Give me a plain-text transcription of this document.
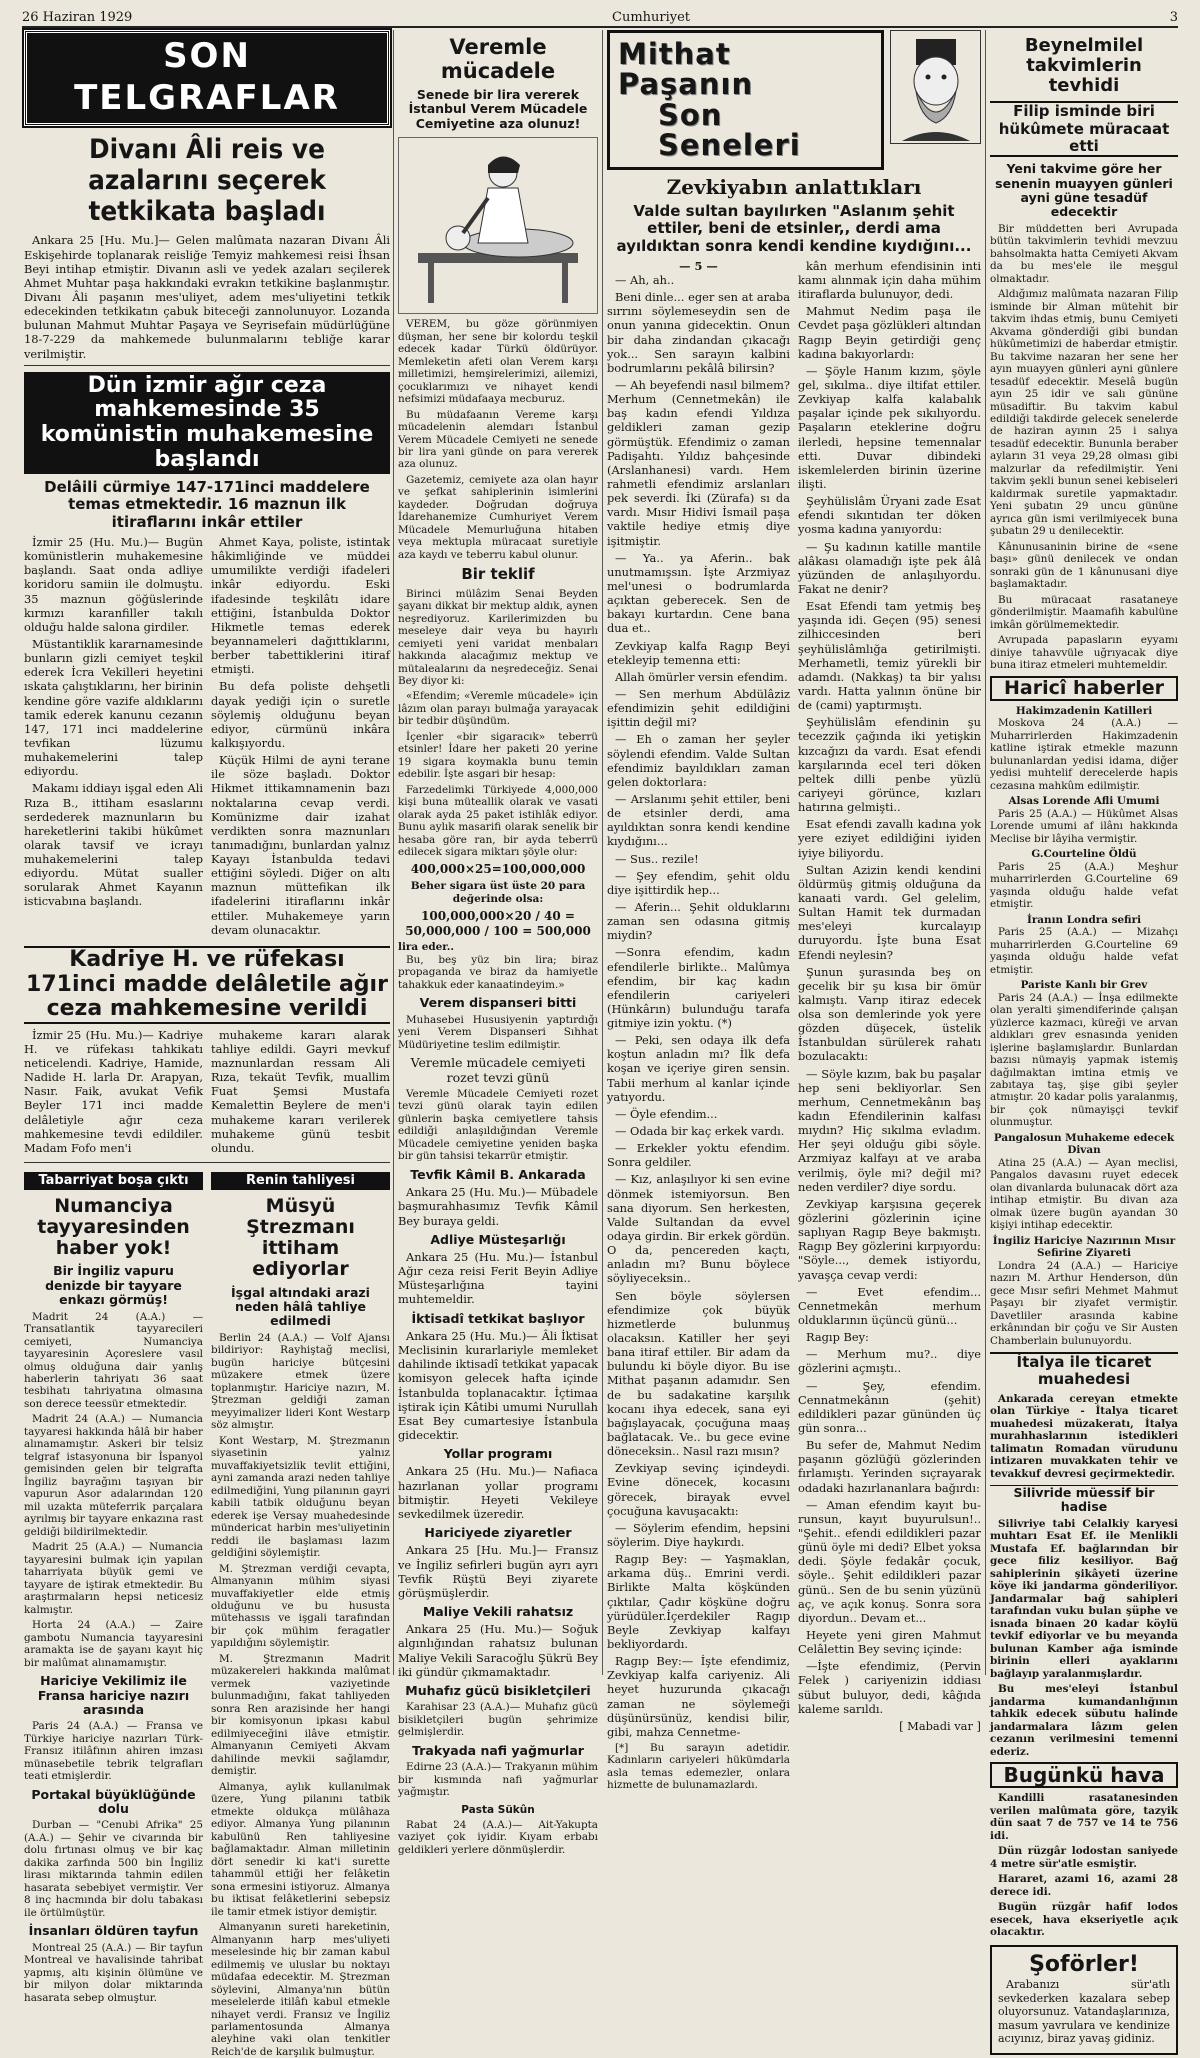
26 Haziran 1929	Cumhuriyet	3
SON TELGRAFLAR
Divanı Âli reis ve azalarını seçerek tetkikata başladı

Ankara 25 [Hu. Mu.]— Gelen malûmata nazaran Divanı Âli Eskişehirde toplanarak reisliğe Temyiz mahkemesi reisi İhsan Beyi intihap etmiştir. Divanın asli ve yedek azaları seçilerek Ahmet Muhtar paşa hakkındaki evrakın tetkikine başlanmıştır. Divanı Âli paşanın mes'uliyet, adem mes'uliyetini tetkik edecekinden tetkikatın çabuk biteceği zannolunuyor. Lozanda bulunan Mahmut Muhtar Paşaya ve Seyrisefain müdürlüğüne 18-7-229 da mahkemede bulunmalarını tebliğe karar verilmiştir.

Dün izmir ağır ceza mahkemesinde 35 komünistin muhakemesine başlandı
Delâili cürmiye 147-171inci maddelere temas etmektedir. 16 maznun ilk itiraflarını inkâr ettiler

İzmir 25 (Hu. Mu.)— Bugün komünistlerin muhakemesine başlandı. Saat onda adliye koridoru samiin ile dolmuştu. 35 maznun göğüslerinde kırmızı karanfiller takılı olduğu halde salona girdiler.

Müstantiklik kararnamesinde bunların gizli cemiyet teşkil ederek İcra Vekilleri heyetini ıskata çalıştıklarını, her birinin kendine göre vazife aldıklarını tamik ederek kanunu cezanın 147, 171 inci maddelerine tevfikan lüzumu muhakemelerini talep ediyordu.

Makamı iddiayı işgal eden Ali Rıza B., ittiham esaslarını serdederek maznunların bu hareketlerini takibi hükûmet olarak tavsif ve icrayı muhakemelerini talep ediyordu. Mütat sualler sorularak Ahmet Kayanın isticvabına başlandı.

Ahmet Kaya, poliste, istintak hâkimliğinde ve müddei umumilikte verdiği ifadeleri inkâr ediyordu. Eski ifadesinde teşkilâtı idare ettiğini, İstanbulda Doktor Hikmetle temas ederek beyannameleri dağıttıklarını, berber tabettiklerini itiraf etmişti.

Bu defa poliste dehşetli dayak yediği için o suretle söylemiş olduğunu beyan ediyor, cürmünü inkâra kalkışıyordu.

Küçük Hilmi de ayni terane ile söze başladı. Doktor Hikmet ittikamnamenin bazı noktalarına cevap verdi. Komünizme dair izahat verdikten sonra maznunları tanımadığını, bunlardan yalnız Kayayı İstanbulda tedavi ettiğini söyledi. Diğer on altı maznun müttefikan ilk ifadelerini itiraflarını inkâr ettiler. Muhakemeye yarın devam olunacaktır.

Kadriye H. ve rüfekası 171inci madde delâletile ağır ceza mahkemesine verildi

İzmir 25 (Hu. Mu.)— Kadriye H. ve rüfekası tahkikatı neticelendi. Kadriye, Hamide, Nadide H. larla Dr. Arapyan, Nasır. Faik, avukat Vefik Beyler 171 inci madde delâletiyle ağır ceza mahkemesine tevdi edildiler. Madam Fofo men'i

muhakeme kararı alarak tahliye edildi. Gayri mevkuf maznunlardan ressam Ali Rıza, tekaüt Tevfik, muallim Fuat Şemsi Mustafa Kemalettin Beylere de men'i muhakeme kararı verilerek muhakeme günü tesbit olundu.

Tabarriyat boşa çıktı
Numanciya tayyaresinden haber yok!
Bir İngiliz vapuru denizde bir tayyare enkazı görmüş!

Madrit 24 (A.A.) — Transatlantik tayyarecileri cemiyeti, Numanciya tayyaresinin Açoreslere vasıl olmuş olduğuna dair yanlış haberlerin tahriyatı 36 saat tesbihatı tahriyatına olmasına son derece teessür etmektedir.

Madrit 24 (A.A.) — Numancia tayyaresi hakkında hâlâ bir haber alınamamıştır. Askeri bir telsiz telgraf istasyonuna bir İspanyol gemisinden gelen bir telgrafta İngiliz bayrağını taşıyan bir vapurun Asor adalarından 120 mil uzakta müteferrik parçalara ayrılmış bir tayyare enkazına rast geldiği bildirilmektedir.

Madrit 25 (A.A.) — Numancia tayyaresini bulmak için yapılan taharriyata büyük gemi ve tayyare de iştirak etmektedir. Bu araştırmaların hepsi neticesiz kalmıştır.

Horta 24 (A.A.) — Zaire gambotu Numancia tayyaresini aramakta ise de şayanı kayıt hiç bir malûmat alınamamıştır.

Hariciye Vekilimiz ile Fransa hariciye nazırı arasında

Paris 24 (A.A.) — Fransa ve Türkiye hariciye nazırları Türk-Fransız itilâfının ahiren imzası münasebetile tebrik telgrafları teati etmişlerdir.

Portakal büyüklüğünde dolu

Durban — "Cenubi Afrika" 25 (A.A.) — Şehir ve civarında bir dolu fırtınası olmuş ve bir kaç dakika zarfında 500 bin İngiliz lirası miktarında tahmin edilen hasarata sebebiyet vermiştir. Ver 8 inç hacmında bir dolu tabakası ile örtülmüştür.

İnsanları öldüren tayfun

Montreal 25 (A.A.) — Bir tayfun Montreal ve havalisinde tahribat yapmış, altı kişinin ölümüne ve bir milyon dolar miktarında hasarata sebep olmuştur.

Renin tahliyesi
Müsyü Ştrezmanı ittiham ediyorlar
İşgal altındaki arazi neden hâlâ tahliye edilmedi

Berlin 24 (A.A.) — Volf Ajansı bildiriyor: Rayhiştağ meclisi, bugün hariciye bütçesini müzakere etmek üzere toplanmıştır. Hariciye nazırı, M. Ştrezman geldiği zaman meyyimalizer lideri Kont Westarp söz almıştır.

Kont Westarp, M. Ştrezmanın siyasetinin yalnız muvaffakiyetsizlik tevlit ettiğini, ayni zamanda arazi neden tahliye edilmediğini, Yung pilanının gayri kabili tatbik olduğunu beyan ederek işe Versay muahedesinde mündericat harbin mes'uliyetinin reddi ile başlaması lazım geldiğini söylemiştir.

M. Ştrezman verdiği cevapta, Almanyanın mühim siyasi muvaffakiyetler elde etmiş olduğunu ve bu hususta mütehassıs ve işgali tarafından bir çok mühim feragatler yapıldığını söylemiştir.

M. Ştrezmanın Madrit müzakereleri hakkında malûmat vermek vaziyetinde bulunmadığını, fakat tahliyeden sonra Ren arazisinde her hangi bir komisyonun ipkası kabul edilmiyeceğini ilâve etmiştir. Almanyanın Cemiyeti Akvam dahilinde mevkii sağlamdır, demiştir.

Almanya, aylık kullanılmak üzere, Yung pilanını tatbik etmekte oldukça mülâhaza ediyor. Almanya Yung pilanının kabulünü Ren tahliyesine bağlamaktadır. Alman milletinin dört senedir ki kat'i surette tahammül ettiği her felâketin sona ermesini istiyoruz. Almanya bu iktisat felâketlerini sebepsiz ile tamir etmek istiyor demiştir.

Almanyanın sureti hareketinin, Almanyanın harp mes'uliyeti meselesinde hiç bir zaman kabul edilmemiş ve uluslar bu noktayı müdafaa edecektir. M. Ştrezman söylevini, Almanya'nın bütün meselelerde itilâfı kabul etmekle nihayet verdi. Fransız ve İngiliz parlamentosunda Almanya aleyhine vaki olan tenkitler Reich'de de karşılık bulmuştur.

Veremle mücadele
Senede bir lira vererek İstanbul Verem Mücadele Cemiyetine aza olunuz!

VEREM, bu göze görünmiyen düşman, her sene bir kolordu teşkil edecek kadar Türkü öldürüyor. Memleketin afeti olan Verem karşı milletimizi, hemşirelerimizi, ailemizi, çocuklarımızı ve nihayet kendi nefsimizi müdafaaya mecburuz.

Bu müdafaanın Vereme karşı mücadelenin alemdarı İstanbul Verem Mücadele Cemiyeti ne senede bir lira yani günde on para vererek aza olunuz.

Gazetemiz, cemiyete aza olan hayır ve şefkat sahiplerinin isimlerini kaydeder. Doğrudan doğruya İdarehanemize Cumhuriyet Verem Mücadele Memurluğuna hitaben veya mektupla müracaat suretiyle aza kaydı ve teberru kabul olunur.

Bir teklif

Birinci mülâzim Senai Beyden şayanı dikkat bir mektup aldık, aynen neşrediyoruz. Karilerimizden bu meseleye dair veya bu hayırlı cemiyeti yeni varidat menbaları hakkında alacağımız mektup ve mütalealarını da neşredeceğiz. Senai Bey diyor ki:

«Efendim; «Veremle mücadele» için lâzım olan parayı bulmağa yarayacak bir tedbir düşündüm.

İçenler «bir sigaracık» teberrü etsinler! İdare her paketi 20 yerine 19 sigara koymakla bunu temin edebilir. İşte asgari bir hesap:

Farzedelimki Türkiyede 4,000,000 kişi buna müteallik olarak ve vasati olarak ayda 25 paket istihlâk ediyor. Bunu aylık masarifi olarak senelik bir hesaba göre ran, bir ayda teberrü edilecek sigara miktarı şöyle olur:

400,000×25=100,000,000
Beher sigara üst üste 20 para değerinde olsa:
100,000,000×20 / 40 = 50,000,000 / 100 = 500,000
lira eder..

Bu, beş yüz bin lira; biraz propaganda ve biraz da hamiyetle tahakkuk eder kanaatindeyim.»

Verem dispanseri bitti

Muhasebei Hususiyenin yaptırdığı yeni Verem Dispanseri Sıhhat Müdüriyetine teslim edilmiştir.

Veremle mücadele cemiyeti rozet tevzi günü

Veremle Mücadele Cemiyeti rozet tevzi günü olarak tayin edilen günlerin başka cemiyetlere tahsis edildiği anlaşıldığından Veremle Mücadele cemiyetine yeniden başka bir gün tahsisi tekarrür etmiştir.

Tevfik Kâmil B. Ankarada

Ankara 25 (Hu. Mu.)— Mübadele başmurahhasımız Tevfik Kâmil Bey buraya geldi.

Adliye Müsteşarlığı

Ankara 25 (Hu. Mu.)— İstanbul Ağır ceza reisi Ferit Beyin Adliye Müsteşarlığına tayini muhtemeldir.

İktisadî tetkikat başlıyor

Ankara 25 (Hu. Mu.)— Âli İktisat Meclisinin kurarlariyle memleket dahilinde iktisadî tetkikat yapacak komisyon gelecek hafta içinde İstanbulda toplanacaktır. İçtimaa iştirak için Kâtibi umumi Nurullah Esat Bey cumartesiye İstanbula gidecektir.

Yollar programı

Ankara 25 (Hu. Mu.)— Nafiaca hazırlanan yollar programı bitmiştir. Heyeti Vekileye sevkedilmek üzeredir.

Hariciyede ziyaretler

Ankara 25 [Hu. Mu.]— Fransız ve İngiliz sefirleri bugün ayrı ayrı Tevfik Rüştü Beyi ziyarete görüşmüşlerdir.

Maliye Vekili rahatsız

Ankara 25 (Hu. Mu.)— Soğuk algınlığından rahatsız bulunan Maliye Vekili Saracoğlu Şükrü Bey iki gündür çıkmamaktadır.

Muhafız gücü bisikletçileri

Karahisar 23 (A.A.)— Muhafız gücü bisikletçileri bugün şehrimize gelmişlerdir.

Trakyada nafi yağmurlar

Edirne 23 (A.A.)— Trakyanın mühim bir kısmında nafi yağmurlar yağmıştır.

Pasta Sükûn

Rabat 24 (A.A.)— Ait-Yakupta vaziyet çok iyidir. Kıyam erbabı geldikleri yerlere dönmüşlerdir.

Mithat Paşanın
Son Seneleri
Zevkiyabın anlattıkları
Valde sultan bayılırken "Aslanım şehit ettiler, beni de etsinler,, derdi ama ayıldıktan sonra kendi kendine kıydığını...
— 5 —

— Ah, ah..

Beni dinle... eger sen at araba sırrını söylemeseydin sen de onun yanına gidecektin. Onun bir daha zindandan çıkacağı yok... Sen sarayın kalbini bodrumlarını pekâlâ bilirsin?

— Ah beyefendi nasıl bilmem? Merhum (Cennetmekân) ile baş kadın efendi Yıldıza geldikleri zaman gezip görmüştük. Efendimiz o zaman Padişahtı. Yıldız bahçesinde (Arslanhanesi) vardı. Hem rahmetli efendimiz arslanları pek severdi. İki (Zürafa) sı da vardı. Mısır Hidivi İsmail paşa vaktile hediye etmiş diye işitmiştir.

— Ya.. ya Aferin.. bak unutmamışsın. İşte Arzmiyaz mel'unesi o bodrumlarda açıktan geberecek. Sen de bakayı kurtardın. Cene bana dua et..

Zevkiyap kalfa Ragıp Beyi etekleyip temenna etti:

Allah ömürler versin efendim.

— Sen merhum Abdülâziz efendimizin şehit edildiğini işittin değil mi?

— Eh o zaman her şeyler söylendi efendim. Valde Sultan efendimiz bayıldıkları zaman gelen doktorlara:

— Arslanımı şehit ettiler, beni de etsinler derdi, ama ayıldıktan sonra kendi kendine kıydığını...

— Sus.. rezile!

— Şey efendim, şehit oldu diye işittirdik hep...

— Aferin... Şehit olduklarını zaman sen odasına gitmiş miydin?

—Sonra efendim, kadın efendilerle birlikte.. Malûmya efendim, bir kaç kadın efendilerin cariyeleri (Hünkârın) bulunduğu tarafa gitmiye izin yoktu. (*)

— Peki, sen odaya ilk defa koştun anladın mı? İlk defa koşan ve içeriye giren sensin. Tabii merhum al kanlar içinde yatıyordu.

— Öyle efendim...

— Odada bir kaç erkek vardı.

— Erkekler yoktu efendim. Sonra geldiler.

— Kız, anlaşılıyor ki sen evine dönmek istemiyorsun. Ben sana diyorum. Sen herkesten, Valde Sultandan da evvel odaya girdin. Bir erkek gördün. O da, pencereden kaçtı, anladın mı? Bunu böylece söyliyeceksin..

Sen böyle söylersen efendimize çok büyük hizmetlerde bulunmuş olacaksın. Katiller her şeyi bana itiraf ettiler. Bir adam da bulundu ki böyle diyor. Bu ise Mithat paşanın adamıdır. Sen de bu sadakatine karşılık kocanı ihya edecek, sana eyi bağışlayacak, çocuğuna maaş bağlatacak. Ve.. bu gece evine döneceksin.. Nasıl razı mısın?

Zevkiyap sevinç içindeydi. Evine dönecek, kocasını görecek, birayak evvel çocuğuna kavuşacaktı:

— Söylerim efendim, hepsini söylerim. Diye haykırdı.

Ragıp Bey: — Yaşmaklan, arkama düş.. Emrini verdi. Birlikte Malta köşkünden çıktılar, Çadır köşküne doğru yürüdüler.İçerdekiler Ragıp Beyle Zevkiyap kalfayı bekliyordardı.

Ragıp Bey:— İşte efendimiz, Zevkiyap kalfa cariyeniz. Ali heyet huzurunda çıkacağı zaman ne söylemeği düşünürsünüz, kendisi bilir, gibi, mahza Cennetme-

[*] Bu sarayın adetidir. Kadınların cariyeleri hükümdarla asla temas edemezler, onlara hizmette de bulunamazlardı.

kân merhum efendisinin inti kamı alınmak için daha mühim itiraflarda bulunuyor, dedi.

Mahmut Nedim paşa ile Cevdet paşa gözlükleri altından Ragıp Beyin getirdiği genç kadına bakıyorlardı:

— Şöyle Hanım kızım, şöyle gel, sıkılma.. diye iltifat ettiler. Zevkiyap kalfa kalabalık paşalar içinde pek sıkılıyordu. Paşaların eteklerine doğru ilerledi, hepsine temennalar etti. Duvar dibindeki iskemlelerden birinin üzerine ilişti.

Şeyhülislâm Üryani zade Esat efendi sıkıntıdan ter döken yosma kadına yanıyordu:

— Şu kadının katille mantile alâkası olamadığı işte pek âlâ yüzünden de anlaşılıyordu. Fakat ne denir?

Esat Efendi tam yetmiş beş yaşında idi. Geçen (95) senesi zilhiccesinden beri şeyhülislâmlığa getirilmişti. Merhametli, temiz yürekli bir adamdı. (Nakkaş) ta bir yalısı vardı. Hatta yalının önüne bir de (cami) yaptırmıştı.

Şeyhülislâm efendinin şu tecezzik çağında iki yetişkin kızcağızı da vardı. Esat efendi karşılarında ecel teri döken peltek dilli penbe yüzlü cariyeyi görünce, kızları hatırına gelmişti..

Esat efendi zavallı kadına yok yere eziyet edildiğini iyiden iyiye biliyordu.

Sultan Azizin kendi kendini öldürmüş gitmiş olduğuna da kanaati vardı. Gel gelelim, Sultan Hamit tek durmadan mes'eleyi kurcalayıp duruyordu. İşte buna Esat Efendi neylesin?

Şunun şurasında beş on gecelik bir şu kısa bir ömür kalmıştı. Varıp itiraz edecek olsa son demlerinde yok yere gözden düşecek, üstelik İstanbuldan sürülerek rahatı bozulacaktı:

— Söyle kızım, bak bu paşalar hep seni bekliyorlar. Sen merhum, Cennetmekânın baş kadın Efendilerinin kalfası mıydın? Hiç sıkılma evladım. Her şeyi olduğu gibi söyle. Arzmiyaz kalfayı at ve araba verilmiş, öyle mi? değil mi? neden verdiler? diye sordu.

Zevkiyap karşısına geçerek gözlerini gözlerinin içine saplıyan Ragıp Beye bakmıştı. Ragıp Bey gözlerini kırpıyordu: "Söyle..., demek istiyordu, yavaşça cevap verdi:

— Evet efendim... Cennetmekân merhum olduklarının üçüncü günü...

Ragıp Bey:

— Merhum mu?.. diye gözlerini açmıştı..

— Şey, efendim. Cennatmekânın (şehit) edildikleri pazar gününden üç gün sonra...

Bu sefer de, Mahmut Nedim paşanın gözlüğü gözlerinden fırlamıştı. Yerinden sıçrayarak odadaki hazırlananlara bağırdı:

— Aman efendim kayıt bu-runsun, kayıt buyurulsun!.. "Şehit.. efendi edildikleri pazar günü öyle mi dedi? Elbet yoksa dedi. Şöyle fedakâr çocuk, söyle.. Şehit edildikleri pazar günü.. Sen de bu senin yüzünü aç, ve açık konuş. Sonra sora diyordun.. Devam et...

Heyete yeni giren Mahmut Celâlettin Bey sevinç içinde:

—İşte efendimiz, (Pervin Felek ) cariyenizin iddiası sübut buluyor, dedi, kâğıda kaleme sarıldı.

[ Mabadi var ]
Beynelmilel takvimlerin tevhidi
Filip isminde biri hükûmete müracaat etti
Yeni takvime göre her senenin muayyen günleri ayni güne tesadüf edecektir

Bir müddetten beri Avrupada bütün takvimlerin tevhidi mevzuu bahsolmakta hatta Cemiyeti Akvam da bu mes'ele ile meşgul olmaktadır.

Aldığımız malûmata nazaran Filip isminde bir Alman mütehit bir takvim ihdas etmiş, bunu Cemiyeti Akvama gönderdiği gibi bundan hükûmetimizi de haberdar etmiştir. Bu takvime nazaran her sene her ayın muayyen günleri ayni günlere tesadüf edecektir. Meselâ bugün ayın 25 idir ve salı gününe müsadiftir. Bu takvim kabul edildiği takdirde gelecek senelerde de haziran ayının 25 i salıya tesadüf edecektir. Bununla beraber ayların 31 veya 29,28 olması gibi malzurlar da refedilmiştir. Yeni takvim şekli bunun senei kebiseleri kaldırmak suretile yapmaktadır. Yeni şubatın 29 uncu gününe ayrıca gün ismi verilmiyecek buna şubatın 29 u denilecektir.

Kânunusaninin birine de «sene başı» günü denilecek ve ondan sonraki gün de 1 kânunusani diye başlamaktadır.

Bu müracaat rasataneye gönderilmiştir. Maamafih kabulüne imkân görülmemektedir.

Avrupada papasların eyyamı diniye tahavvüle uğrıyacak diye buna itiraz etmeleri muhtemeldir.

Haricî haberler
Hakimzadenin Katilleri

Moskova 24 (A.A.) — Muharrirlerden Hakimzadenin katline iştirak etmekle mazunn bulunanlardan yedisi idama, diğer yedisi muhtelif derecelerde hapis cezasına mahkûm edilmiştir.

Alsas Lorende Afli Umumi

Paris 25 (A.A.) — Hükûmet Alsas Lorende umumi af ilânı hakkında Meclise bir lâyiha vermiştir.

G.Courteline Öldü

Paris 25 (A.A.) Meşhur muharrirlerden G.Courteline 69 yaşında olduğu halde vefat etmiştir.

İranın Londra sefiri

Paris 25 (A.A.) — Mizahçı muharrirlerden G.Courteline 69 yaşında olduğu halde vefat etmiştir.

Pariste Kanlı bir Grev

Paris 24 (A.A.) — İnşa edilmekte olan yeralti şimendiferinde çalışan yüzlerce kazmacı, küreği ve arvan aldıkları grev esnasında yeniden işlerine başlamışlardır. Bunlardan bazısı nümayiş yapmak istemiş dağılmaktan imtina etmiş ve zabıtaya taş, şişe gibi şeyler atmıştır. 20 kadar polis yaralanmış, bir çok nümayişçi tevkif olunmuştur.

Pangalosun Muhakeme edecek Divan

Atina 25 (A.A.) — Ayan meclisi, Pangalos davasını ruyet edecek olan divanlarda bulunacak dört aza intihap etmiştir. Bu divan aza olmak üzere bugün ayandan 30 kişiyi intihap edecektir.

İngiliz Hariciye Nazırının Mısır Sefirine Ziyareti

Londra 24 (A.A.) — Hariciye nazırı M. Arthur Henderson, dün gece Mısır sefiri Mehmet Mahmut Paşayı bir ziyafet vermiştir. Davetliler arasında kabine erkânından bir çoğu ve Sir Austen Chamberlain bulunuyordu.

İtalya ile ticaret muahedesi

Ankarada cereyan etmekte olan Türkiye - İtalya ticaret muahedesi müzakeratı, İtalya murahhaslarının istedikleri talimatın Romadan vürudunu intizaren muvakkaten tehir ve tevakkuf devresi geçirmektedir.

Silivride müessif bir hadise

Silivriye tabi Celalkiy karyesi muhtarı Esat Ef. ile Menlikli Mustafa Ef. bağlarından bir gece filiz kesiliyor. Bağ sahiplerinin şikâyeti üzerine köye iki jandarma gönderiliyor. Jandarmalar bağ sahipleri tarafından vuku bulan şüphe ve isnada binaen 20 kadar köylü tevkif ediyorlar ve bu meyanda bulunan Kamber ağa isminde birinin elleri ayaklarını bağlayıp yaralanmışlardır.

Bu mes'eleyi İstanbul jandarma kumandanlığının tahkik edecek sübutu halinde jandarmalara lâzım gelen cezanın verilmesini temenni ederiz.

Bugünkü hava

Kandilli rasatanesinden verilen malûmata göre, tazyik dün saat 7 de 757 ve 14 te 756 idi.

Dün rüzgâr lodostan saniyede 4 metre sür'atle esmiştir.

Hararet, azami 16, azami 28 derece idi.

Bugün rüzgâr hafif lodos esecek, hava ekseriyetle açık olacaktır.

Şoförler!

Arabanızı sür'atlı sevkederken kazalara sebep oluyorsunuz. Vatandaşlarınıza, masum yavrulara ve kendinize acıyınız, biraz yavaş gidiniz.
